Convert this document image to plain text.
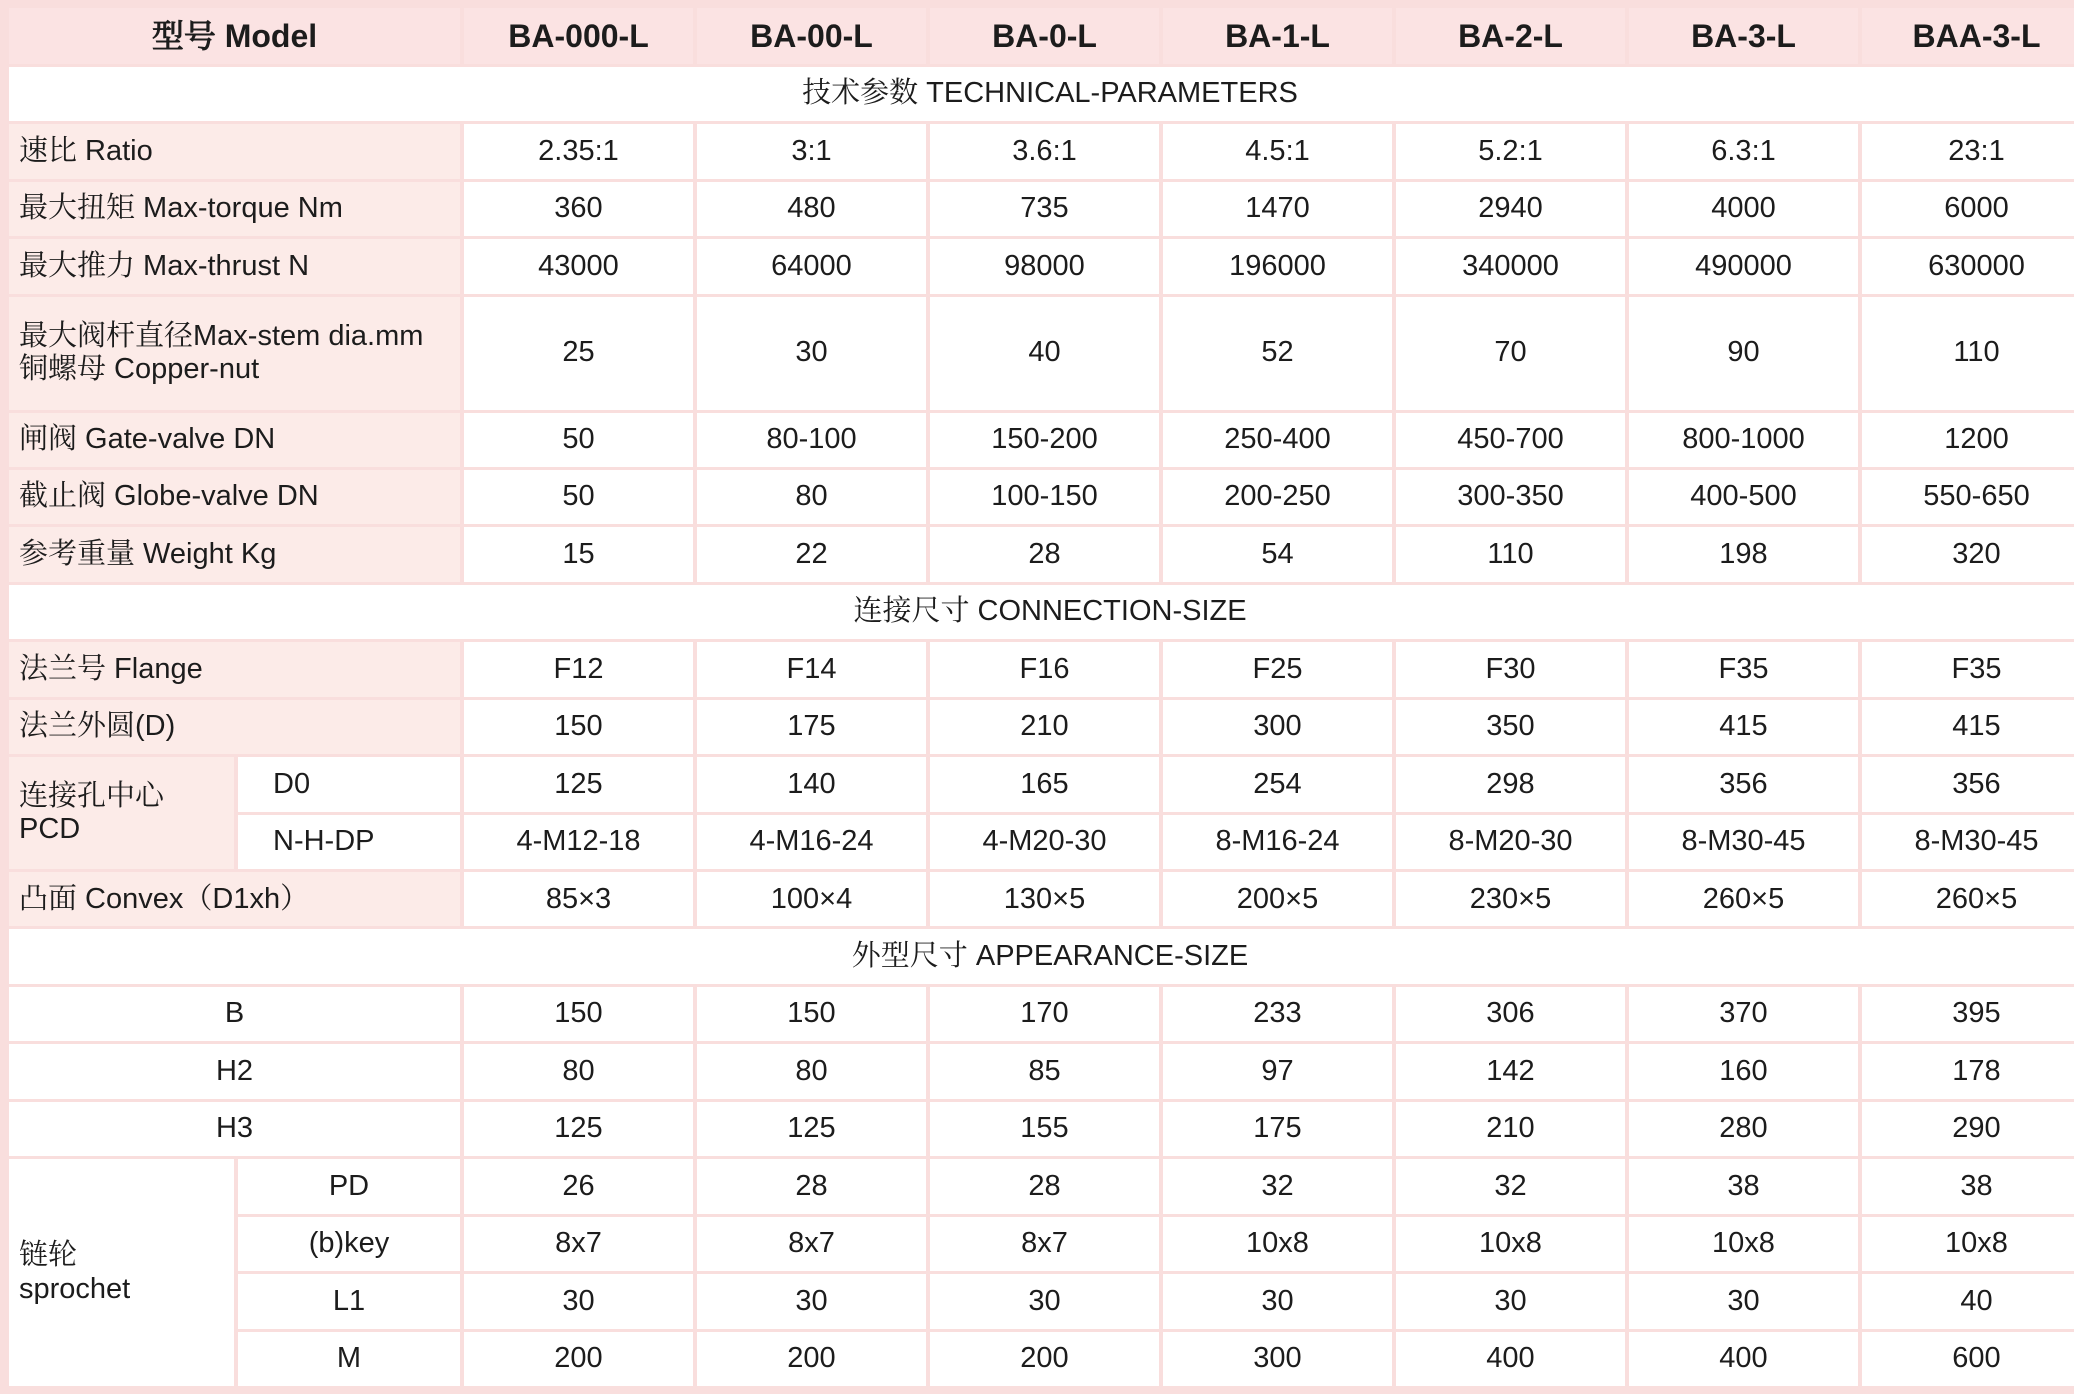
型号 Model		BA-000-L	BA-00-L	BA-0-L	BA-1-L	BA-2-L	BA-3-L	BAA-3-L
技术参数 TECHNICAL-PARAMETERS								
速比 Ratio		2.35:1	3:1	3.6:1	4.5:1	5.2:1	6.3:1	23:1
最大扭矩 Max-torque Nm		360	480	735	1470	2940	4000	6000
最大推力 Max-thrust N		43000	64000	98000	196000	340000	490000	630000

最大阀杆直径Max-stem dia.mm
铜螺母 Copper-nut		25	30	40	52	70	90	110
闸阀 Gate-valve DN		50	80-100	150-200	250-400	450-700	800-1000	1200
截止阀 Globe-valve DN		50	80	100-150	200-250	300-350	400-500	550-650
参考重量 Weight Kg		15	22	28	54	110	198	320
连接尺寸 CONNECTION-SIZE								
法兰号 Flange		F12	F14	F16	F25	F30	F35	F35
法兰外圆(D)		150	175	210	300	350	415	415

连接孔中心
PCD	D0	125	140	165	254	298	356	356
	N-H-DP	4-M12-18	4-M16-24	4-M20-30	8-M16-24	8-M20-30	8-M30-45	8-M30-45
凸面 Convex（D1xh）		85×3	100×4	130×5	200×5	230×5	260×5	260×5
外型尺寸 APPEARANCE-SIZE								
B		150	150	170	233	306	370	395
H2		80	80	85	97	142	160	178
H3		125	125	155	175	210	280	290

链轮
sprochet	PD	26	28	28	32	32	38	38
	(b)key	8x7	8x7	8x7	10x8	10x8	10x8	10x8
	L1	30	30	30	30	30	30	40
	M	200	200	200	300	400	400	600
